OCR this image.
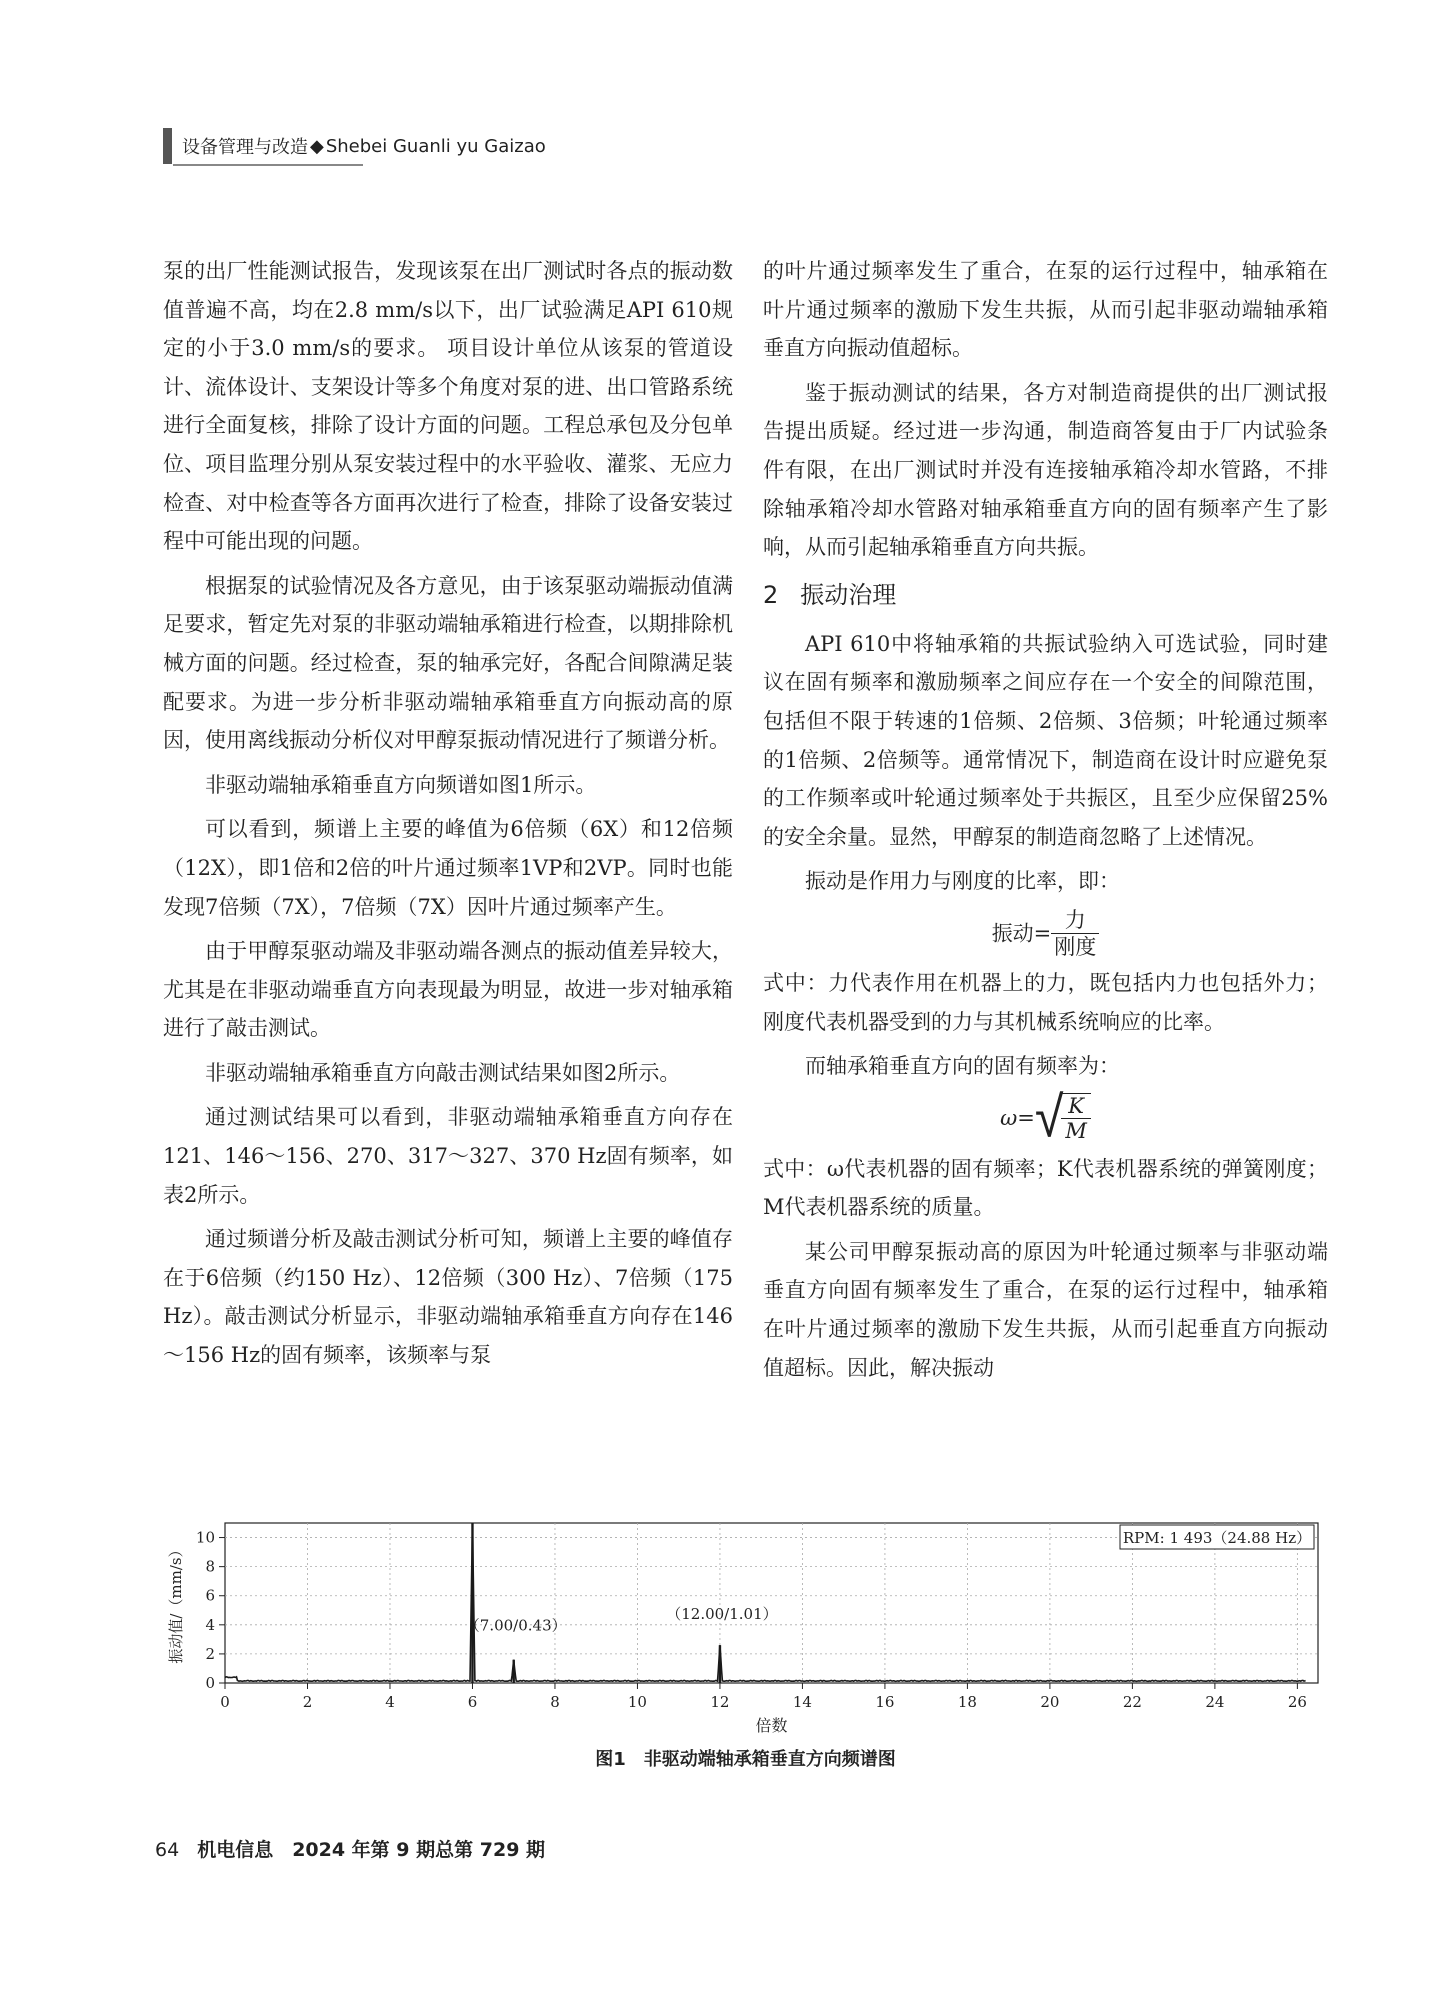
设备管理与改造 ◆ Shebei Guanli yu Gaizao

泵的出厂性能测试报告，发现该泵在出厂测试时各点的振动数值普遍不高，均在2.8 mm/s以下，出厂试验满足API 610规定的小于3.0 mm/s的要求。 项目设计单位从该泵的管道设计、流体设计、支架设计等多个角度对泵的进、出口管路系统进行全面复核，排除了设计方面的问题。工程总承包及分包单位、项目监理分别从泵安装过程中的水平验收、灌浆、无应力检查、对中检查等各方面再次进行了检查，排除了设备安装过程中可能出现的问题。

根据泵的试验情况及各方意见，由于该泵驱动端振动值满足要求，暂定先对泵的非驱动端轴承箱进行检查，以期排除机械方面的问题。经过检查，泵的轴承完好，各配合间隙满足装配要求。为进一步分析非驱动端轴承箱垂直方向振动高的原因，使用离线振动分析仪对甲醇泵振动情况进行了频谱分析。

非驱动端轴承箱垂直方向频谱如图1所示。

可以看到，频谱上主要的峰值为6倍频（6X）和12倍频（12X），即1倍和2倍的叶片通过频率1VP和2VP。同时也能发现7倍频（7X），7倍频（7X）因叶片通过频率产生。

由于甲醇泵驱动端及非驱动端各测点的振动值差异较大，尤其是在非驱动端垂直方向表现最为明显，故进一步对轴承箱进行了敲击测试。

非驱动端轴承箱垂直方向敲击测试结果如图2所示。

通过测试结果可以看到，非驱动端轴承箱垂直方向存在121、146～156、270、317～327、370 Hz固有频率，如表2所示。

通过频谱分析及敲击测试分析可知，频谱上主要的峰值存在于6倍频（约150 Hz）、12倍频（300 Hz）、7倍频（175 Hz）。敲击测试分析显示，非驱动端轴承箱垂直方向存在146～156 Hz的固有频率，该频率与泵

的叶片通过频率发生了重合，在泵的运行过程中，轴承箱在叶片通过频率的激励下发生共振，从而引起非驱动端轴承箱垂直方向振动值超标。

鉴于振动测试的结果，各方对制造商提供的出厂测试报告提出质疑。经过进一步沟通，制造商答复由于厂内试验条件有限，在出厂测试时并没有连接轴承箱冷却水管路，不排除轴承箱冷却水管路对轴承箱垂直方向的固有频率产生了影响，从而引起轴承箱垂直方向共振。

2 振动治理

API 610中将轴承箱的共振试验纳入可选试验，同时建议在固有频率和激励频率之间应存在一个安全的间隙范围，包括但不限于转速的1倍频、2倍频、3倍频；叶轮通过频率的1倍频、2倍频等。通常情况下，制造商在设计时应避免泵的工作频率或叶轮通过频率处于共振区，且至少应保留25%的安全余量。显然，甲醇泵的制造商忽略了上述情况。

振动是作用力与刚度的比率，即：

振动= $\frac{\text{力}}{\text{刚度}}$

式中：力代表作用在机器上的力，既包括内力也包括外力；刚度代表机器受到的力与其机械系统响应的比率。

而轴承箱垂直方向的固有频率为：

ω= √
$\frac{K}{M}$

式中：ω代表机器的固有频率；K代表机器系统的弹簧刚度；M代表机器系统的质量。

某公司甲醇泵振动高的原因为叶轮通过频率与非驱动端垂直方向固有频率发生了重合，在泵的运行过程中，轴承箱在叶片通过频率的激励下发生共振，从而引起垂直方向振动值超标。因此，解决振动

0	2	4	6	8	10	12	14	16	18	20	22	24	26
0
2
4
6
8
10
（7.00/0.43）
（12.00/1.01）
RPM: 1 493（24.88 Hz）
倍数
振动值/（mm/s）
图1 非驱动端轴承箱垂直方向频谱图
64 机电信息　2024 年第 9 期总第 729 期
